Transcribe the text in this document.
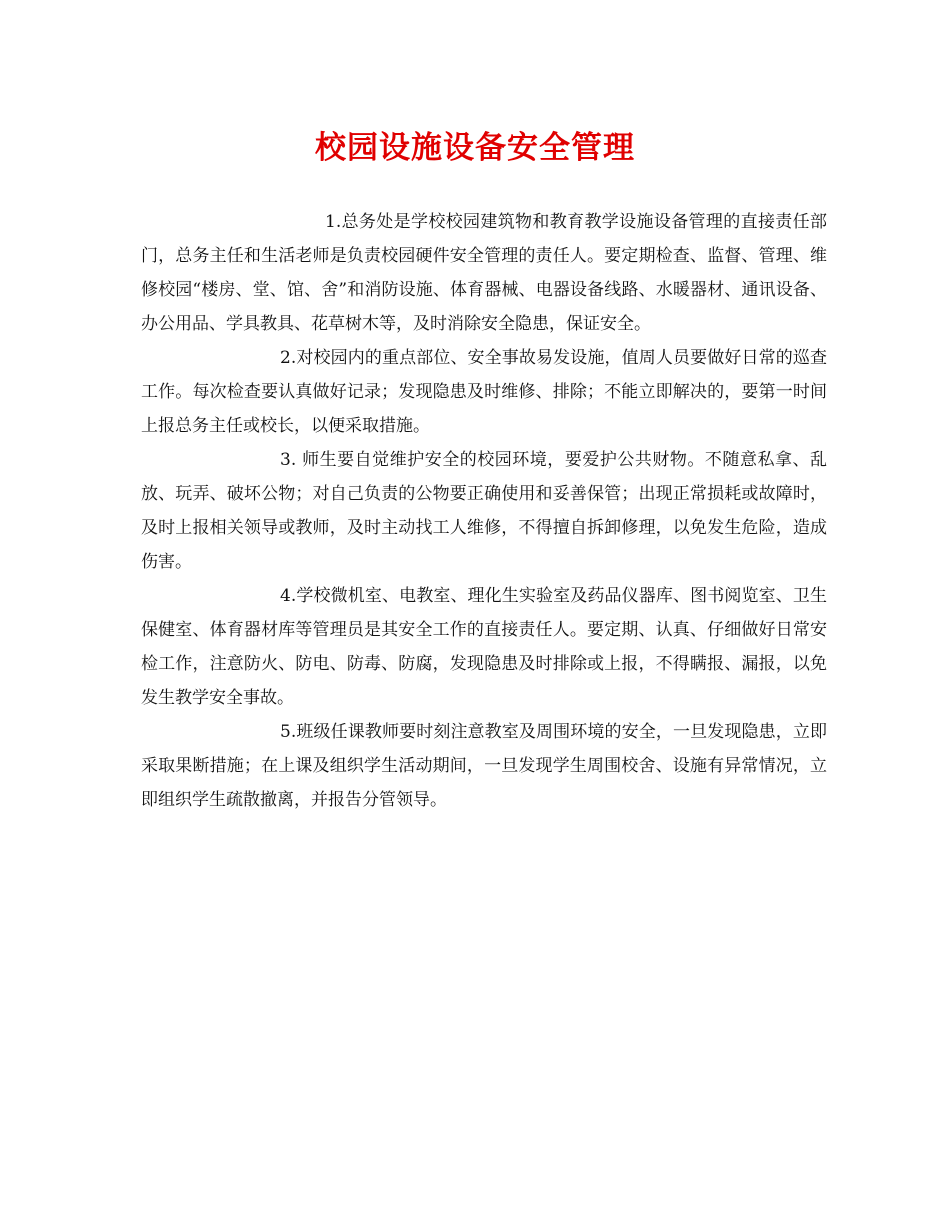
校园设施设备安全管理

1.总务处是学校校园建筑物和教育教学设施设备管理的直接责任部门，总务主任和生活老师是负责校园硬件安全管理的责任人。要定期检查、监督、管理、维修校园“楼房、堂、馆、舍”和消防设施、体育器械、电器设备线路、水暖器材、通讯设备、办公用品、学具教具、花草树木等，及时消除安全隐患，保证安全。

2.对校园内的重点部位、安全事故易发设施，值周人员要做好日常的巡查工作。每次检查要认真做好记录；发现隐患及时维修、排除；不能立即解决的，要第一时间上报总务主任或校长，以便采取措施。

3. 师生要自觉维护安全的校园环境，要爱护公共财物。不随意私拿、乱放、玩弄、破坏公物；对自己负责的公物要正确使用和妥善保管；出现正常损耗或故障时，及时上报相关领导或教师，及时主动找工人维修，不得擅自拆卸修理，以免发生危险，造成伤害。

4.学校微机室、电教室、理化生实验室及药品仪器库、图书阅览室、卫生保健室、体育器材库等管理员是其安全工作的直接责任人。要定期、认真、仔细做好日常安检工作，注意防火、防电、防毒、防腐，发现隐患及时排除或上报，不得瞒报、漏报，以免发生教学安全事故。

5.班级任课教师要时刻注意教室及周围环境的安全，一旦发现隐患，立即采取果断措施；在上课及组织学生活动期间，一旦发现学生周围校舍、设施有异常情况，立即组织学生疏散撤离，并报告分管领导。
